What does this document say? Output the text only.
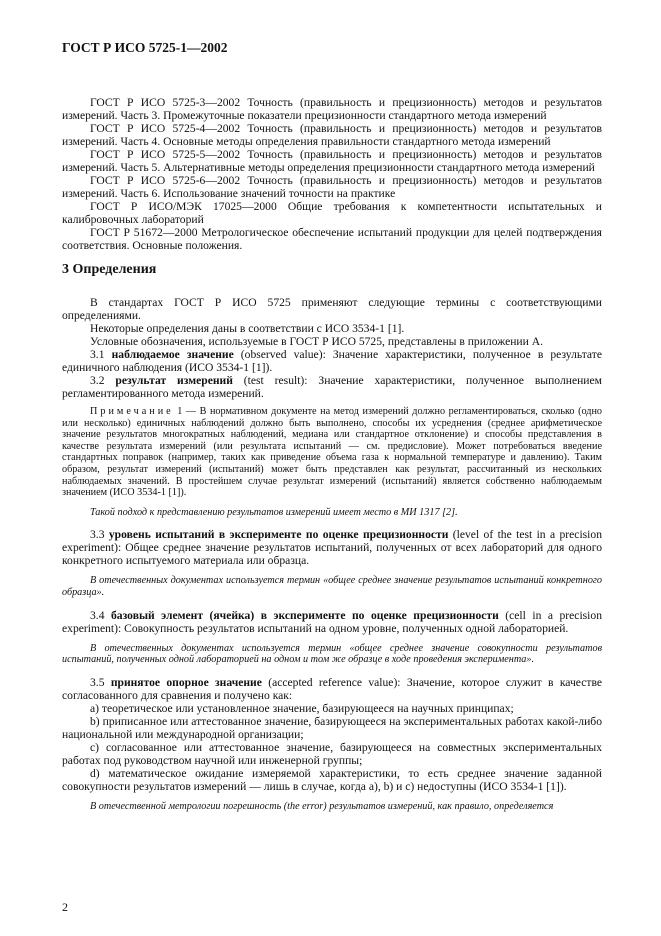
ГОСТ Р ИСО 5725-1—2002

ГОСТ Р ИСО 5725-3—2002 Точность (правильность и прецизионность) методов и результатов измерений. Часть 3. Промежуточные показатели прецизионности стандартного метода измерений

ГОСТ Р ИСО 5725-4—2002 Точность (правильность и прецизионность) методов и результатов измерений. Часть 4. Основные методы определения правильности стандартного метода измерений

ГОСТ Р ИСО 5725-5—2002 Точность (правильность и прецизионность) методов и результатов измерений. Часть 5. Альтернативные методы определения прецизионности стандартного метода измерений

ГОСТ Р ИСО 5725-6—2002 Точность (правильность и прецизионность) методов и результатов измерений. Часть 6. Использование значений точности на практике

ГОСТ Р ИСО/МЭК 17025—2000 Общие требования к компетентности испытательных и калибровочных лабораторий

ГОСТ Р 51672—2000 Метрологическое обеспечение испытаний продукции для целей подтверждения соответствия. Основные положения.

3 Определения

В стандартах ГОСТ Р ИСО 5725 применяют следующие термины с соответствующими определениями.

Некоторые определения даны в соответствии с ИСО 3534-1 [1].

Условные обозначения, используемые в ГОСТ Р ИСО 5725, представлены в приложении А.

3.1 наблюдаемое значение (observed value): Значение характеристики, полученное в результате единичного наблюдения (ИСО 3534-1 [1]).

3.2 результат измерений (test result): Значение характеристики, полученное выполнением регламентированного метода измерений.

Примечание 1 — В нормативном документе на метод измерений должно регламентироваться, сколько (одно или несколько) единичных наблюдений должно быть выполнено, способы их усреднения (среднее арифметическое значение результатов многократных наблюдений, медиана или стандартное отклонение) и способы представления в качестве результата измерений (или результата испытаний — см. предисловие). Может потребоваться введение стандартных поправок (например, таких как приведение объема газа к нормальной температуре и давлению). Таким образом, результат измерений (испытаний) может быть представлен как результат, рассчитанный из нескольких наблюдаемых значений. В простейшем случае результат измерений (испытаний) является собственно наблюдаемым значением (ИСО 3534-1 [1]).

Такой подход к представлению результатов измерений имеет место в МИ 1317 [2].

3.3 уровень испытаний в эксперименте по оценке прецизионности (level of the test in a precision experiment): Общее среднее значение результатов испытаний, полученных от всех лабораторий для одного конкретного испытуемого материала или образца.

В отечественных документах используется термин «общее среднее значение результатов испытаний конкретного образца».

3.4 базовый элемент (ячейка) в эксперименте по оценке прецизионности (cell in a precision experiment): Совокупность результатов испытаний на одном уровне, полученных одной лабораторией.

В отечественных документах используется термин «общее среднее значение совокупности результатов испытаний, полученных одной лабораторией на одном и том же образце в ходе проведения эксперимента».

3.5 принятое опорное значение (accepted reference value): Значение, которое служит в качестве согласованного для сравнения и получено как:

a) теоретическое или установленное значение, базирующееся на научных принципах;

b) приписанное или аттестованное значение, базирующееся на экспериментальных работах какой-либо национальной или международной организации;

c) согласованное или аттестованное значение, базирующееся на совместных экспериментальных работах под руководством научной или инженерной группы;

d) математическое ожидание измеряемой характеристики, то есть среднее значение заданной совокупности результатов измерений — лишь в случае, когда a), b) и c) недоступны (ИСО 3534-1 [1]).

В отечественной метрологии погрешность (the error) результатов измерений, как правило, определяется

2
